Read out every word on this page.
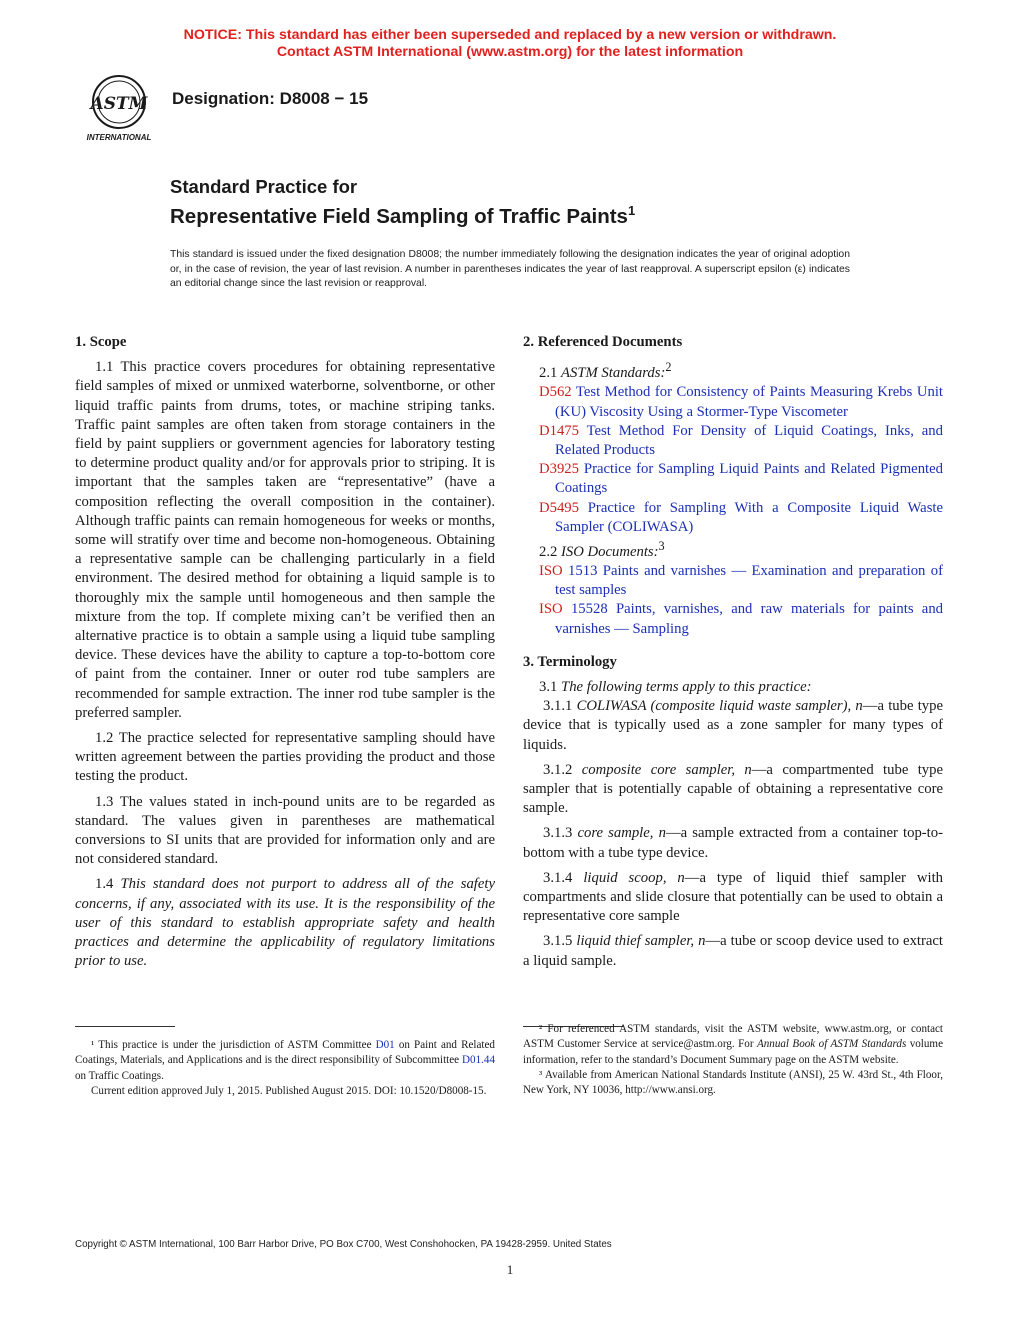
NOTICE: This standard has either been superseded and replaced by a new version or withdrawn.
Contact ASTM International (www.astm.org) for the latest information
ASTM
INTERNATIONAL
Designation: D8008 − 15
Standard Practice for
Representative Field Sampling of Traffic Paints$^1$
This standard is issued under the fixed designation D8008; the number immediately following the designation indicates the year of original adoption or, in the case of revision, the year of last revision. A number in parentheses indicates the year of last reapproval. A superscript epsilon (ε) indicates an editorial change since the last revision or reapproval.
1. Scope

1.1 This practice covers procedures for obtaining representative field samples of mixed or unmixed waterborne, solventborne, or other liquid traffic paints from drums, totes, or machine striping tanks. Traffic paint samples are often taken from storage containers in the field by paint suppliers or government agencies for laboratory testing to determine product quality and/or for approvals prior to striping. It is important that the samples taken are “representative” (have a composition reflecting the overall composition in the container). Although traffic paints can remain homogeneous for weeks or months, some will stratify over time and become non-homogeneous. Obtaining a representative sample can be challenging particularly in a field environment. The desired method for obtaining a liquid sample is to thoroughly mix the sample until homogeneous and then sample the mixture from the top. If complete mixing can’t be verified then an alternative practice is to obtain a sample using a liquid tube sampling device. These devices have the ability to capture a top-to-bottom core of paint from the container. Inner or outer rod tube samplers are recommended for sample extraction. The inner rod tube sampler is the preferred sampler.

1.2 The practice selected for representative sampling should have written agreement between the parties providing the product and those testing the product.

1.3 The values stated in inch-pound units are to be regarded as standard. The values given in parentheses are mathematical conversions to SI units that are provided for information only and are not considered standard.

1.4 This standard does not purport to address all of the safety concerns, if any, associated with its use. It is the responsibility of the user of this standard to establish appropriate safety and health practices and determine the applicability of regulatory limitations prior to use.

2. Referenced Documents

2.1 ASTM Standards:$^2$

D562 Test Method for Consistency of Paints Measuring Krebs Unit (KU) Viscosity Using a Stormer-Type Viscometer

D1475 Test Method For Density of Liquid Coatings, Inks, and Related Products

D3925 Practice for Sampling Liquid Paints and Related Pigmented Coatings

D5495 Practice for Sampling With a Composite Liquid Waste Sampler (COLIWASA)

2.2 ISO Documents:$^3$

ISO 1513 Paints and varnishes — Examination and preparation of test samples

ISO 15528 Paints, varnishes, and raw materials for paints and varnishes — Sampling

3. Terminology

3.1 The following terms apply to this practice:

3.1.1 COLIWASA (composite liquid waste sampler), n—a tube type device that is typically used as a zone sampler for many types of liquids.

3.1.2 composite core sampler, n—a compartmented tube type sampler that is potentially capable of obtaining a representative core sample.

3.1.3 core sample, n—a sample extracted from a container top-to-bottom with a tube type device.

3.1.4 liquid scoop, n—a type of liquid thief sampler with compartments and slide closure that potentially can be used to obtain a representative core sample

3.1.5 liquid thief sampler, n—a tube or scoop device used to extract a liquid sample.

¹ This practice is under the jurisdiction of ASTM Committee D01 on Paint and Related Coatings, Materials, and Applications and is the direct responsibility of Subcommittee D01.44 on Traffic Coatings.

Current edition approved July 1, 2015. Published August 2015. DOI: 10.1520/D8008-15.

² For referenced ASTM standards, visit the ASTM website, www.astm.org, or contact ASTM Customer Service at service@astm.org. For Annual Book of ASTM Standards volume information, refer to the standard’s Document Summary page on the ASTM website.

³ Available from American National Standards Institute (ANSI), 25 W. 43rd St., 4th Floor, New York, NY 10036, http://www.ansi.org.

Copyright © ASTM International, 100 Barr Harbor Drive, PO Box C700, West Conshohocken, PA 19428-2959. United States
1
